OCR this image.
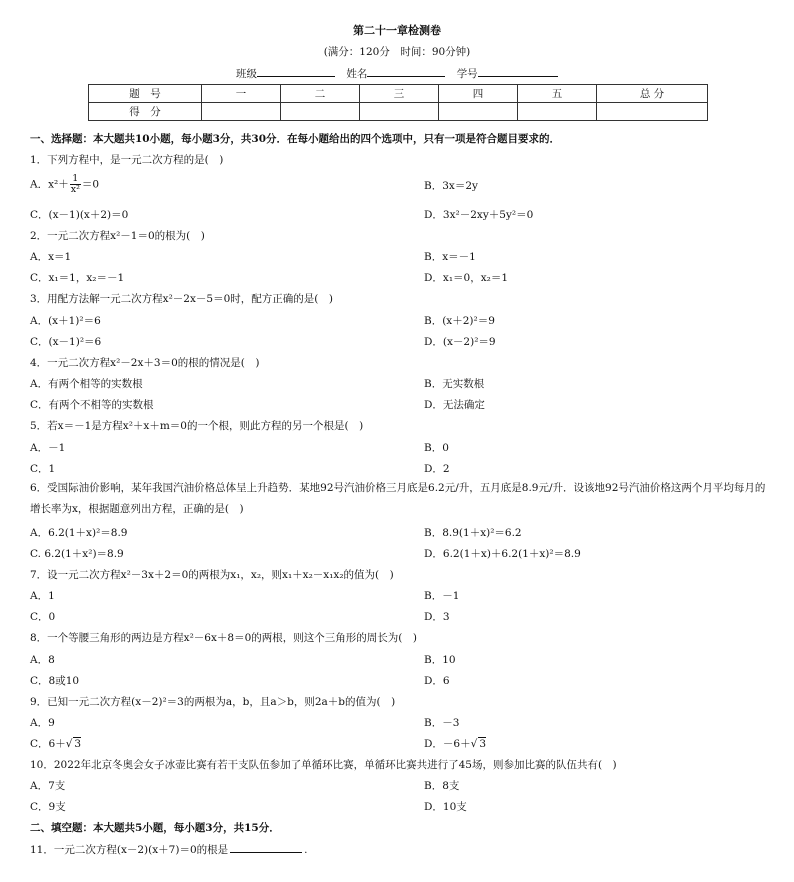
第二十一章检测卷
(满分：120分　时间：90分钟)
班级	姓名	学号
题　号	一	二	三	四	五	总 分
得　分						
一、选择题：本大题共10小题，每小题3分，共30分．在每小题给出的四个选项中，只有一项是符合题目要求的．
1．下列方程中，是一元二次方程的是(　)
A．$x^2+ \frac{1}{\text{x²}} =0$	B．3x＝2y
C．(x－1)(x＋2)＝0	D．3x²－2xy＋5y²＝0
2．一元二次方程x²－1＝0的根为(　)
A．x＝1	B．x＝－1
C．x₁＝1，x₂＝－1	D．x₁＝0，x₂＝1
3．用配方法解一元二次方程x²－2x－5＝0时，配方正确的是(　)
A．(x＋1)²＝6	B．(x＋2)²＝9
C．(x－1)²＝6	D．(x－2)²＝9
4．一元二次方程x²－2x＋3＝0的根的情况是(　)
A．有两个相等的实数根	B．无实数根
C．有两个不相等的实数根	D．无法确定
5．若x＝－1是方程x²＋x＋m＝0的一个根，则此方程的另一个根是(　)
A．－1	B．0
C．1	D．2
6．受国际油价影响，某年我国汽油价格总体呈上升趋势．某地92号汽油价格三月底是6.2元/升，五月底是8.9元/升．设该地92号汽油价格这两个月平均每月的增长率为x，根据题意列出方程，正确的是(　)
A．6.2(1＋x)²＝8.9	B．8.9(1＋x)²＝6.2
C. 6.2(1＋x²)＝8.9	D．6.2(1＋x)＋6.2(1＋x)²＝8.9
7．设一元二次方程x²－3x＋2＝0的两根为x₁，x₂，则x₁＋x₂－x₁x₂的值为(　)
A．1	B．－1
C．0	D．3
8．一个等腰三角形的两边是方程x²－6x＋8＝0的两根，则这个三角形的周长为(　)
A．8	B．10
C．8或10	D．6
9．已知一元二次方程(x－2)²＝3的两根为a，b，且a＞b，则2a＋b的值为(　)
A．9	B．－3
C．6＋√ 3	D．－6＋√ 3
10．2022年北京冬奥会女子冰壶比赛有若干支队伍参加了单循环比赛，单循环比赛共进行了45场，则参加比赛的队伍共有(　)
A．7支	B．8支
C．9支	D．10支
二、填空题：本大题共5小题，每小题3分，共15分．
11．一元二次方程(x－2)(x＋7)＝0的根是	.
